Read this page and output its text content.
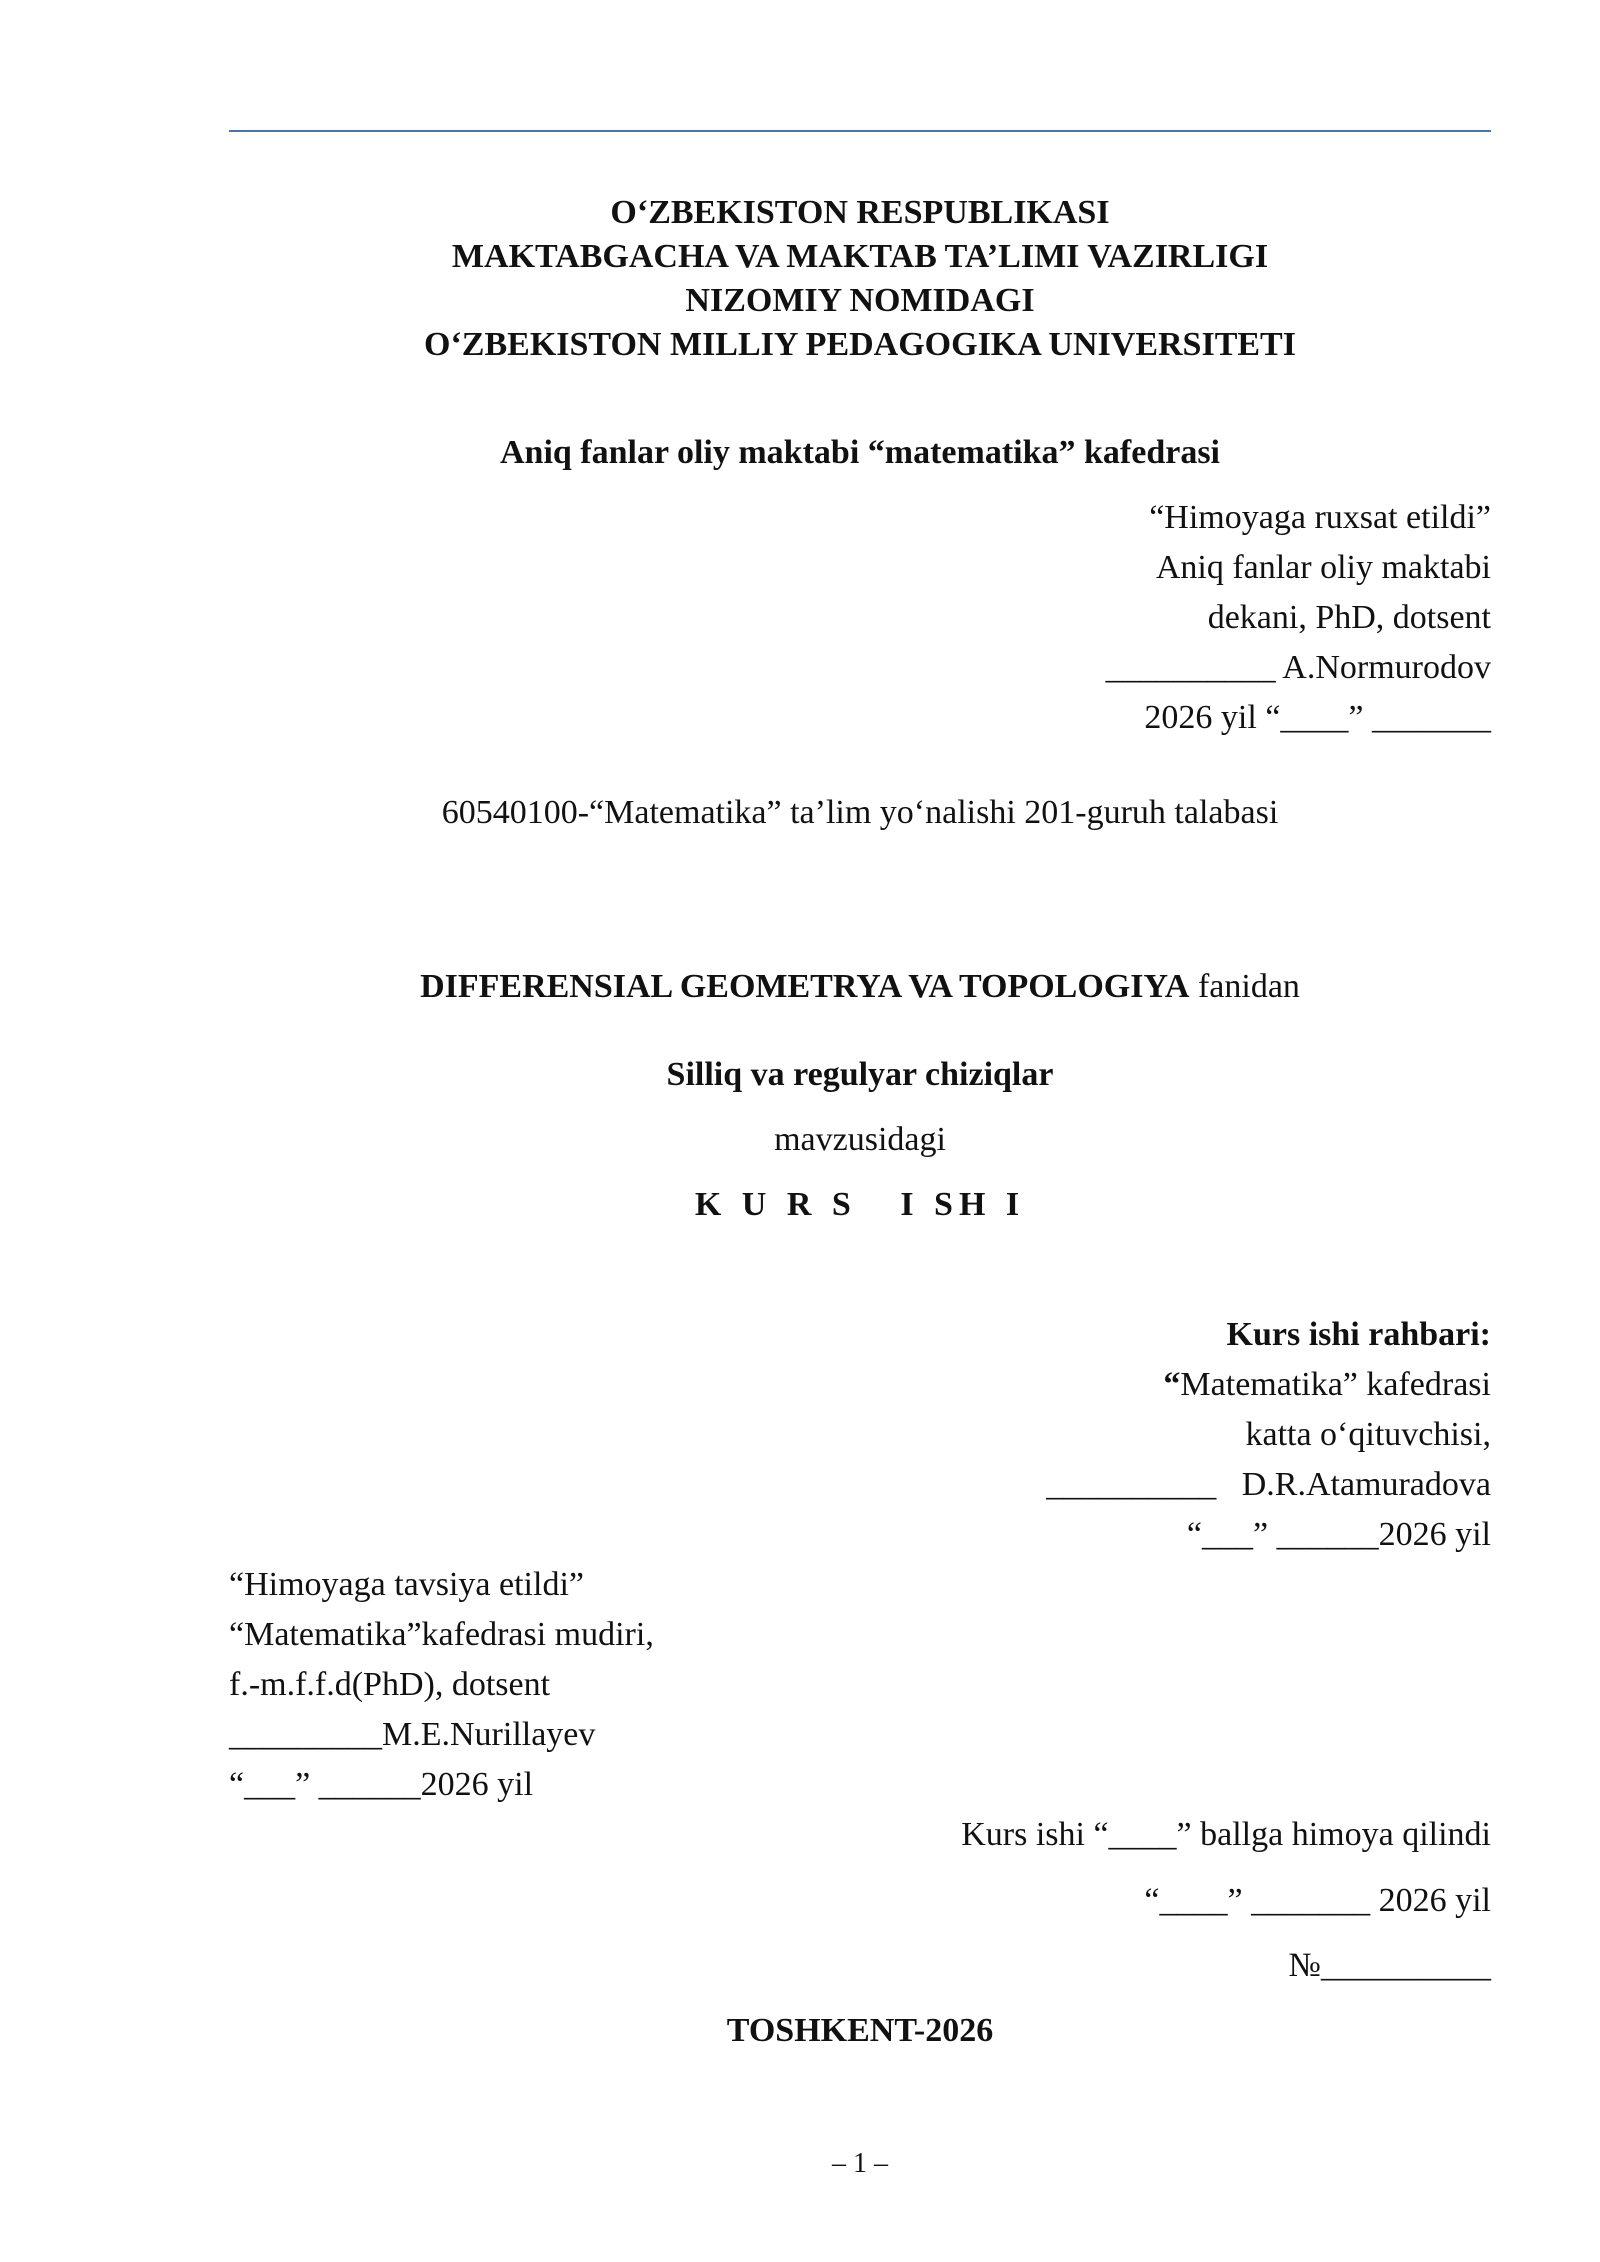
O‘ZBEKISTON RESPUBLIKASI
MAKTABGACHA VA MAKTAB TA’LIMI VAZIRLIGI
NIZOMIY NOMIDAGI
O‘ZBEKISTON MILLIY PEDAGOGIKA UNIVERSITETI
Aniq fanlar oliy maktabi “matematika” kafedrasi
“Himoyaga ruxsat etildi”
Aniq fanlar oliy maktabi
dekani, PhD, dotsent
__________ A.Normurodov
2026 yil “____” _______
60540100-“Matematika” ta’lim yo‘nalishi 201-guruh talabasi
DIFFERENSIAL GEOMETRYA VA TOPOLOGIYA fanidan
Silliq va regulyar chiziqlar
mavzusidagi
K U R S   I SH I
Kurs ishi rahbari:
“Matematika” kafedrasi
katta o‘qituvchisi,
__________   D.R.Atamuradova
“___” ______2026 yil
“Himoyaga tavsiya etildi”
“Matematika”kafedrasi mudiri,
f.-m.f.f.d(PhD), dotsent
_________M.E.Nurillayev
“___” ______2026 yil
Kurs ishi “____” ballga himoya qilindi
“____” _______ 2026 yil
№__________
TOSHKENT-2026
– 1 –
